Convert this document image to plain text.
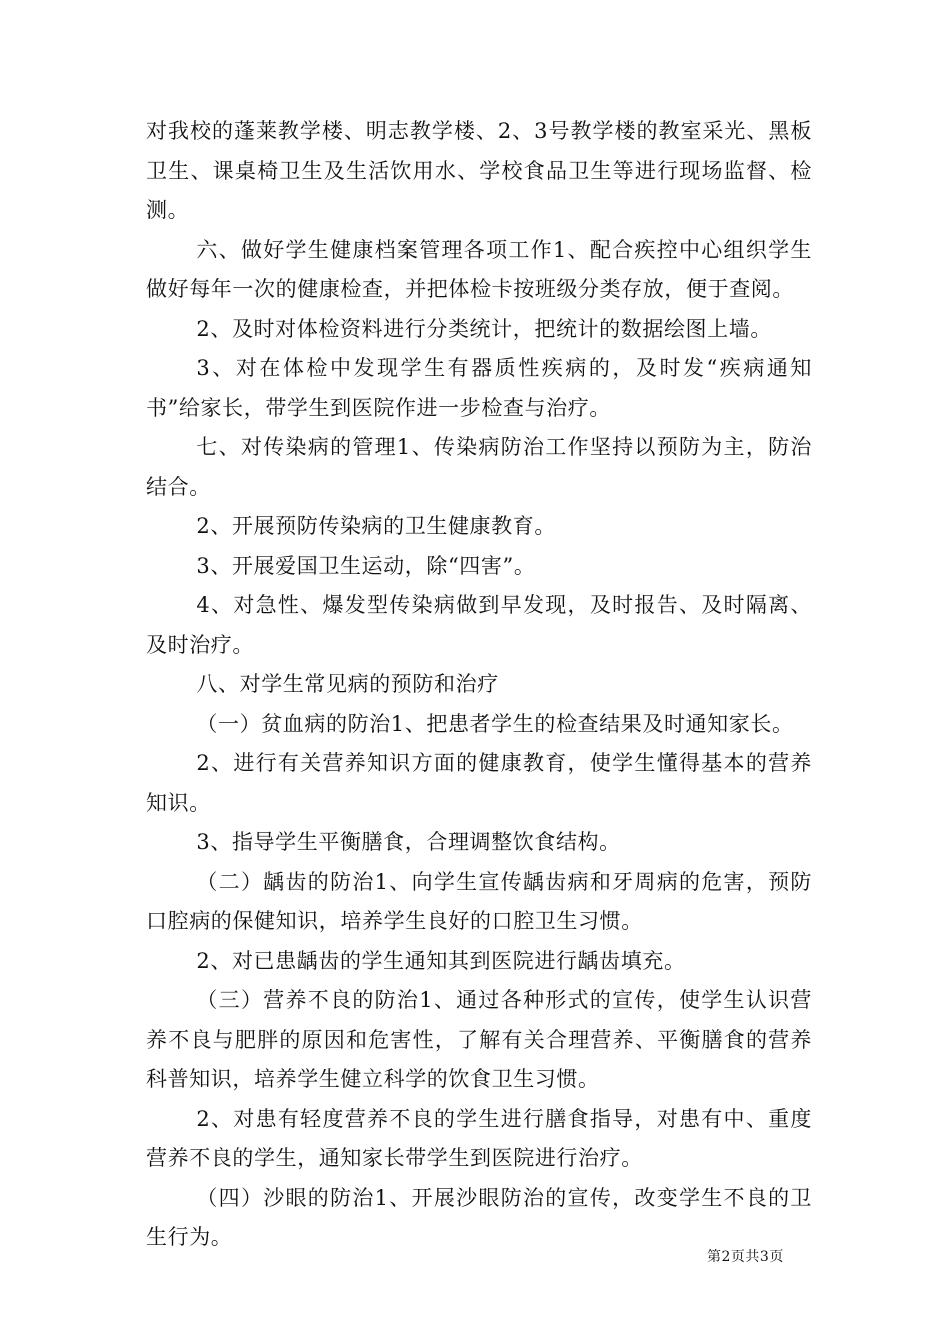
对我校的蓬莱教学楼、明志教学楼、2、3号教学楼的教室采光、黑板卫生、课桌椅卫生及生活饮用水、学校食品卫生等进行现场监督、检测。

六、做好学生健康档案管理各项工作1、配合疾控中心组织学生做好每年一次的健康检查，并把体检卡按班级分类存放，便于查阅。

2、及时对体检资料进行分类统计，把统计的数据绘图上墙。

3、对在体检中发现学生有器质性疾病的，及时发“疾病通知书”给家长，带学生到医院作进一步检查与治疗。

七、对传染病的管理1、传染病防治工作坚持以预防为主，防治结合。

2、开展预防传染病的卫生健康教育。

3、开展爱国卫生运动，除“四害”。

4、对急性、爆发型传染病做到早发现，及时报告、及时隔离、及时治疗。

八、对学生常见病的预防和治疗

（一）贫血病的防治1、把患者学生的检查结果及时通知家长。

2、进行有关营养知识方面的健康教育，使学生懂得基本的营养知识。

3、指导学生平衡膳食，合理调整饮食结构。

（二）龋齿的防治1、向学生宣传龋齿病和牙周病的危害，预防口腔病的保健知识，培养学生良好的口腔卫生习惯。

2、对已患龋齿的学生通知其到医院进行龋齿填充。

（三）营养不良的防治1、通过各种形式的宣传，使学生认识营养不良与肥胖的原因和危害性，了解有关合理营养、平衡膳食的营养科普知识，培养学生健立科学的饮食卫生习惯。

2、对患有轻度营养不良的学生进行膳食指导，对患有中、重度营养不良的学生，通知家长带学生到医院进行治疗。

（四）沙眼的防治1、开展沙眼防治的宣传，改变学生不良的卫生行为。

第2页共3页
